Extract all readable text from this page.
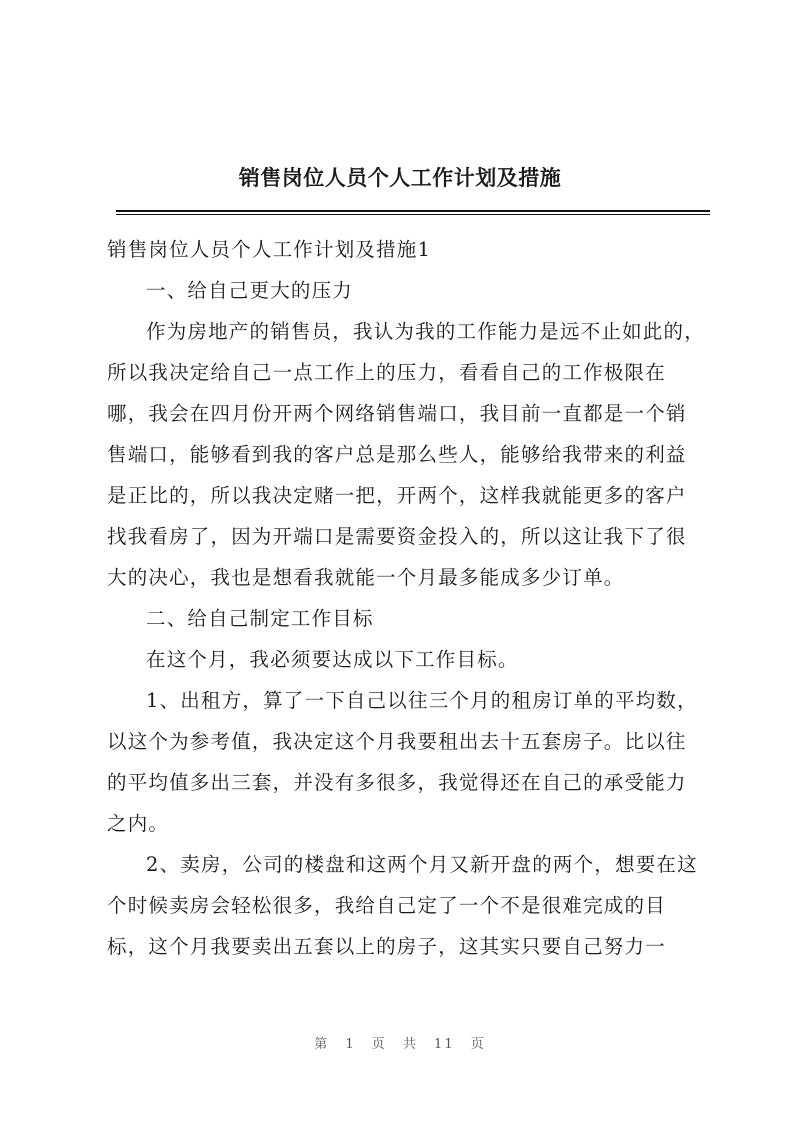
销售岗位人员个人工作计划及措施

销售岗位人员个人工作计划及措施1

一、给自己更大的压力

作为房地产的销售员，我认为我的工作能力是远不止如此的，所以我决定给自己一点工作上的压力，看看自己的工作极限在哪，我会在四月份开两个网络销售端口，我目前一直都是一个销售端口，能够看到我的客户总是那么些人，能够给我带来的利益是正比的，所以我决定赌一把，开两个，这样我就能更多的客户找我看房了，因为开端口是需要资金投入的，所以这让我下了很大的决心，我也是想看我就能一个月最多能成多少订单。

二、给自己制定工作目标

在这个月，我必须要达成以下工作目标。

1、出租方，算了一下自己以往三个月的租房订单的平均数，以这个为参考值，我决定这个月我要租出去十五套房子。比以往的平均值多出三套，并没有多很多，我觉得还在自己的承受能力之内。

2、卖房，公司的楼盘和这两个月又新开盘的两个，想要在这个时候卖房会轻松很多，我给自己定了一个不是很难完成的目标，这个月我要卖出五套以上的房子，这其实只要自己努力一

第 1 页 共 11 页
